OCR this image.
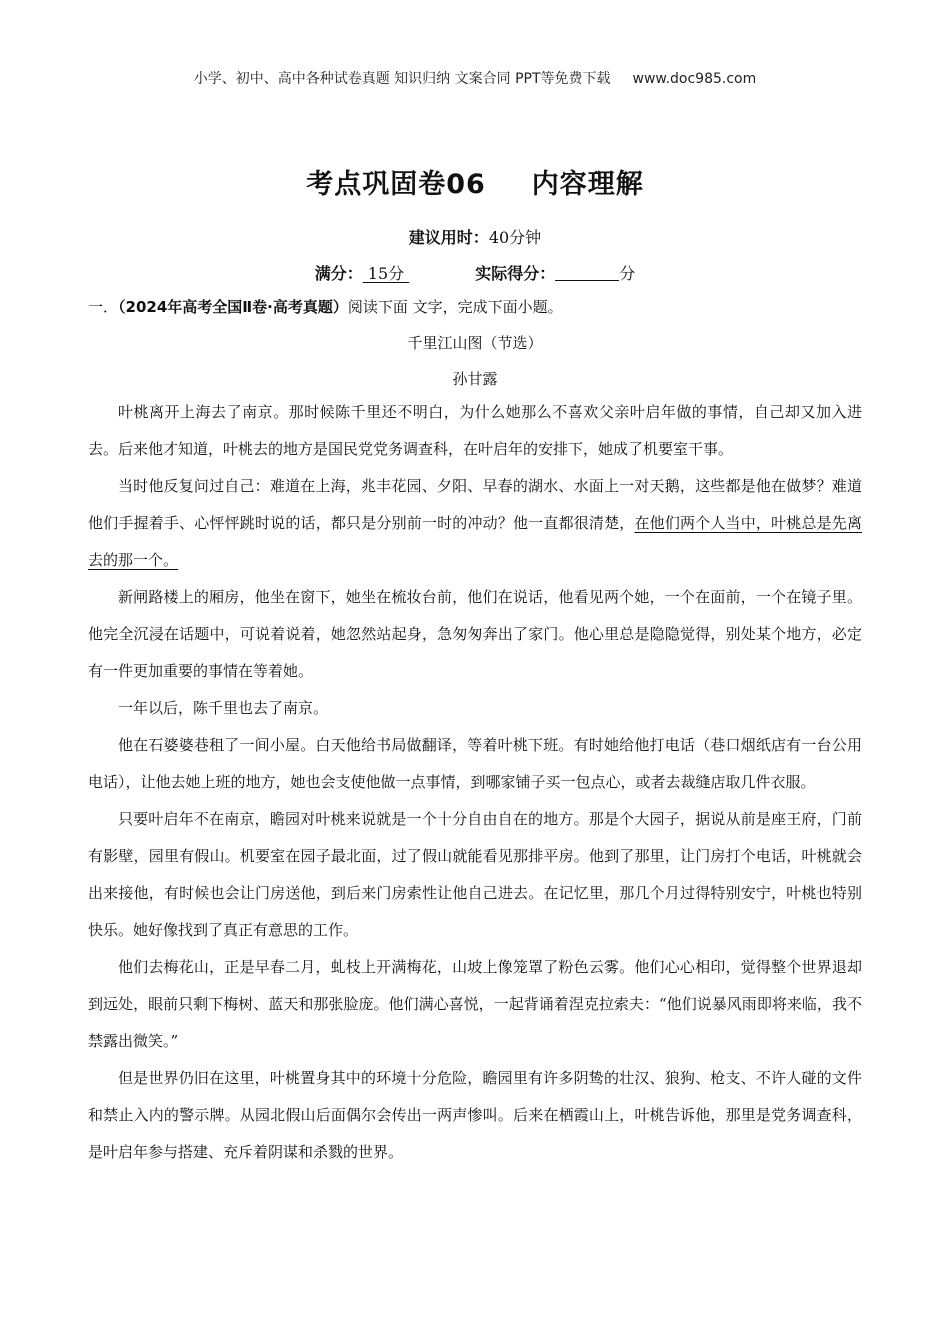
小学、初中、高中各种试卷真题 知识归纳 文案合同 PPT等免费下载 www.doc985.com
考点巩固卷06 内容理解
建议用时：40分钟
满分： 15分	实际得分：	分
一．（2024年高考全国Ⅱ卷·高考真题）阅读下面 文字，完成下面小题。
千里江山图（节选）
孙甘露

叶桃离开上海去了南京。那时候陈千里还不明白，为什么她那么不喜欢父亲叶启年做的事情，自己却又加入进去。后来他才知道，叶桃去的地方是国民党党务调查科，在叶启年的安排下，她成了机要室干事。

当时他反复问过自己：难道在上海，兆丰花园、夕阳、早春的湖水、水面上一对天鹅，这些都是他在做梦？难道他们手握着手、心怦怦跳时说的话，都只是分别前一时的冲动？他一直都很清楚，在他们两个人当中，叶桃总是先离去的那一个。

新闸路楼上的厢房，他坐在窗下，她坐在梳妆台前，他们在说话，他看见两个她，一个在面前，一个在镜子里。他完全沉浸在话题中，可说着说着，她忽然站起身，急匆匆奔出了家门。他心里总是隐隐觉得，别处某个地方，必定有一件更加重要的事情在等着她。

一年以后，陈千里也去了南京。

他在石婆婆巷租了一间小屋。白天他给书局做翻译，等着叶桃下班。有时她给他打电话（巷口烟纸店有一台公用电话），让他去她上班的地方，她也会支使他做一点事情，到哪家铺子买一包点心，或者去裁缝店取几件衣服。

只要叶启年不在南京，瞻园对叶桃来说就是一个十分自由自在的地方。那是个大园子，据说从前是座王府，门前有影壁，园里有假山。机要室在园子最北面，过了假山就能看见那排平房。他到了那里，让门房打个电话，叶桃就会出来接他，有时候也会让门房送他，到后来门房索性让他自己进去。在记忆里，那几个月过得特别安宁，叶桃也特别快乐。她好像找到了真正有意思的工作。

他们去梅花山，正是早春二月，虬枝上开满梅花，山坡上像笼罩了粉色云雾。他们心心相印，觉得整个世界退却到远处，眼前只剩下梅树、蓝天和那张脸庞。他们满心喜悦，一起背诵着涅克拉索夫：“他们说暴风雨即将来临，我不禁露出微笑。”

但是世界仍旧在这里，叶桃置身其中的环境十分危险，瞻园里有许多阴鸷的壮汉、狼狗、枪支、不许人碰的文件和禁止入内的警示牌。从园北假山后面偶尔会传出一两声惨叫。后来在栖霞山上，叶桃告诉他，那里是党务调查科，是叶启年参与搭建、充斥着阴谋和杀戮的世界。
